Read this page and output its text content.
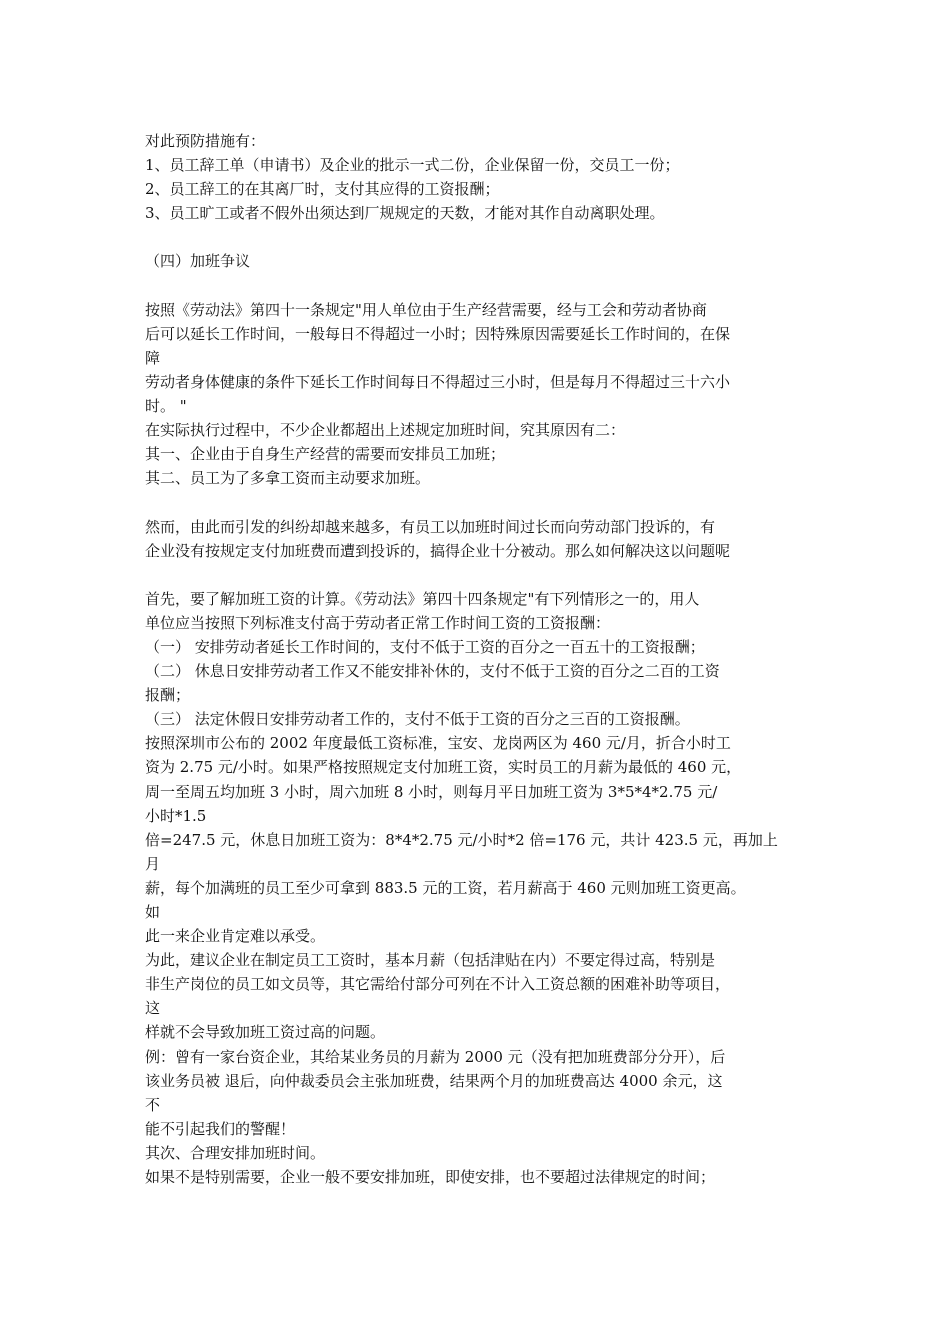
对此预防措施有：
1、员工辞工单（申请书）及企业的批示一式二份，企业保留一份，交员工一份；
2、员工辞工的在其离厂时，支付其应得的工资报酬；
3、员工旷工或者不假外出须达到厂规规定的天数，才能对其作自动离职处理。
（四）加班争议
按照《劳动法》第四十一条规定"用人单位由于生产经营需要，经与工会和劳动者协商
后可以延长工作时间，一般每日不得超过一小时；因特殊原因需要延长工作时间的，在保
障
劳动者身体健康的条件下延长工作时间每日不得超过三小时，但是每月不得超过三十六小
时。 "
在实际执行过程中，不少企业都超出上述规定加班时间，究其原因有二：
其一、企业由于自身生产经营的需要而安排员工加班；
其二、员工为了多拿工资而主动要求加班。
然而，由此而引发的纠纷却越来越多，有员工以加班时间过长而向劳动部门投诉的，有
企业没有按规定支付加班费而遭到投诉的，搞得企业十分被动。那么如何解决这以问题呢
首先，要了解加班工资的计算。《劳动法》第四十四条规定"有下列情形之一的，用人
单位应当按照下列标准支付高于劳动者正常工作时间工资的工资报酬：
（一） 安排劳动者延长工作时间的，支付不低于工资的百分之一百五十的工资报酬；
（二） 休息日安排劳动者工作又不能安排补休的，支付不低于工资的百分之二百的工资
报酬；
（三） 法定休假日安排劳动者工作的，支付不低于工资的百分之三百的工资报酬。
按照深圳市公布的 2002 年度最低工资标准，宝安、龙岗两区为 460 元/月，折合小时工
资为 2.75 元/小时。如果严格按照规定支付加班工资，实时员工的月薪为最低的 460 元，
周一至周五均加班 3 小时，周六加班 8 小时，则每月平日加班工资为 3*5*4*2.75 元/
小时*1.5
倍=247.5 元，休息日加班工资为：8*4*2.75 元/小时*2 倍=176 元，共计 423.5 元，再加上
月
薪，每个加满班的员工至少可拿到 883.5 元的工资，若月薪高于 460 元则加班工资更高。
如
此一来企业肯定难以承受。
为此，建议企业在制定员工工资时，基本月薪（包括津贴在内）不要定得过高，特别是
非生产岗位的员工如文员等，其它需给付部分可列在不计入工资总额的困难补助等项目，
这
样就不会导致加班工资过高的问题。
例：曾有一家台资企业，其给某业务员的月薪为 2000 元（没有把加班费部分分开），后
该业务员被 退后，向仲裁委员会主张加班费，结果两个月的加班费高达 4000 余元，这
不
能不引起我们的警醒！
其次、合理安排加班时间。
如果不是特别需要，企业一般不要安排加班，即使安排，也不要超过法律规定的时间；
